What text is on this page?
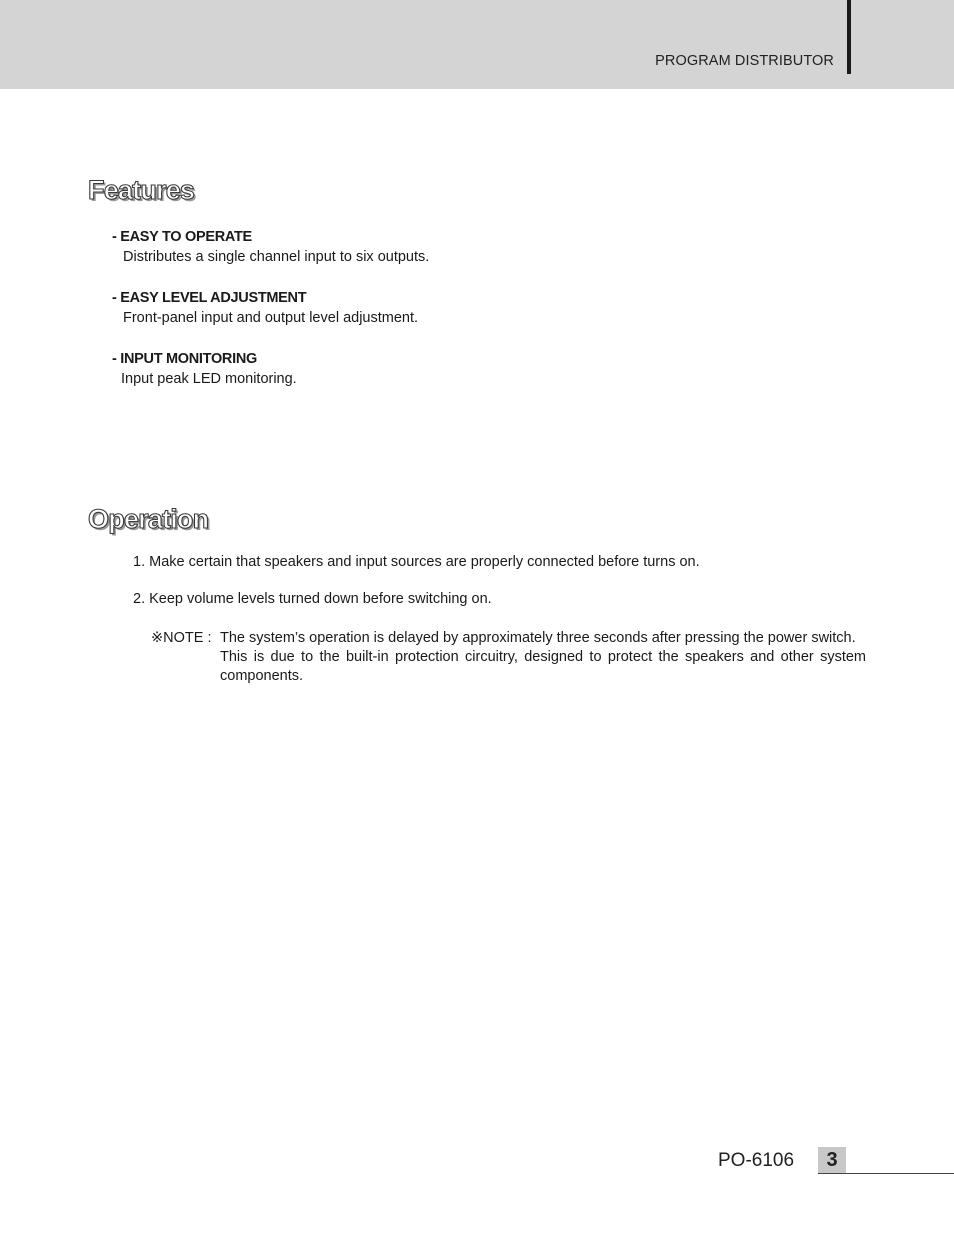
PROGRAM DISTRIBUTOR
Features
- EASY TO OPERATE
Distributes a single channel input to six outputs.
- EASY LEVEL ADJUSTMENT
Front-panel input and output level adjustment.
- INPUT MONITORING
Input peak LED monitoring.
Operation
1. Make certain that speakers and input sources are properly connected before turns on.
2. Keep volume levels turned down before switching on.
※NOTE : The system’s operation is delayed by approximately three seconds after pressing the power switch.
This is due to the built-in protection circuitry, designed to protect the speakers and other system components.
PO-6106	3
